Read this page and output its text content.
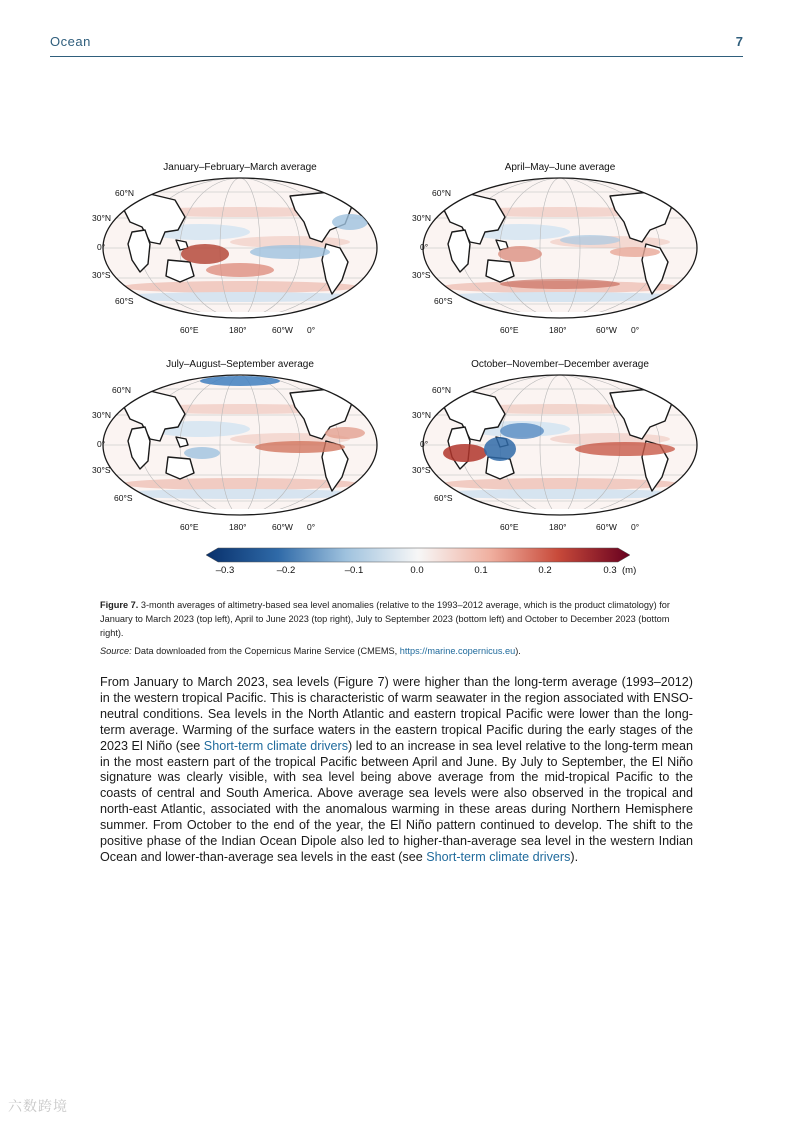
Ocean	7
January–February–March average
60°N
30°N
0°
30°S
60°S
60°E	180°	60°W 0°
April–May–June average
60°N
30°N
0°
30°S
60°S
60°E	180°	60°W 0°
July–August–September average
60°N
30°N
0°
30°S
60°S
60°E	180°	60°W 0°
October–November–December average
60°N
30°N
0°
30°S
60°S
60°E	180°	60°W 0°
–0.3	–0.2	–0.1	0.0	0.1	0.2	0.3 (m)
Figure 7. 3-month averages of altimetry-based sea level anomalies (relative to the 1993–2012 average, which is the product climatology) for January to March 2023 (top left), April to June 2023 (top right), July to September 2023 (bottom left) and October to December 2023 (bottom right).
Source: Data downloaded from the Copernicus Marine Service (CMEMS, https://marine.copernicus.eu).

From January to March 2023, sea levels (Figure 7) were higher than the long-term average (1993–2012) in the western tropical Pacific. This is characteristic of warm seawater in the region associated with ENSO-neutral conditions. Sea levels in the North Atlantic and eastern tropical Pacific were lower than the long-term average. Warming of the surface waters in the eastern tropical Pacific during the early stages of the 2023 El Niño (see Short-term climate drivers) led to an increase in sea level relative to the long-term mean in the most eastern part of the tropical Pacific between April and June. By July to September, the El Niño signature was clearly visible, with sea level being above average from the mid-tropical Pacific to the coasts of central and South America. Above average sea levels were also observed in the tropical and north-east Atlantic, associated with the anomalous warming in these areas during Northern Hemisphere summer. From October to the end of the year, the El Niño pattern continued to develop. The shift to the positive phase of the Indian Ocean Dipole also led to higher-than-average sea level in the western Indian Ocean and lower-than-average sea levels in the east (see Short-term climate drivers).

六数跨境
